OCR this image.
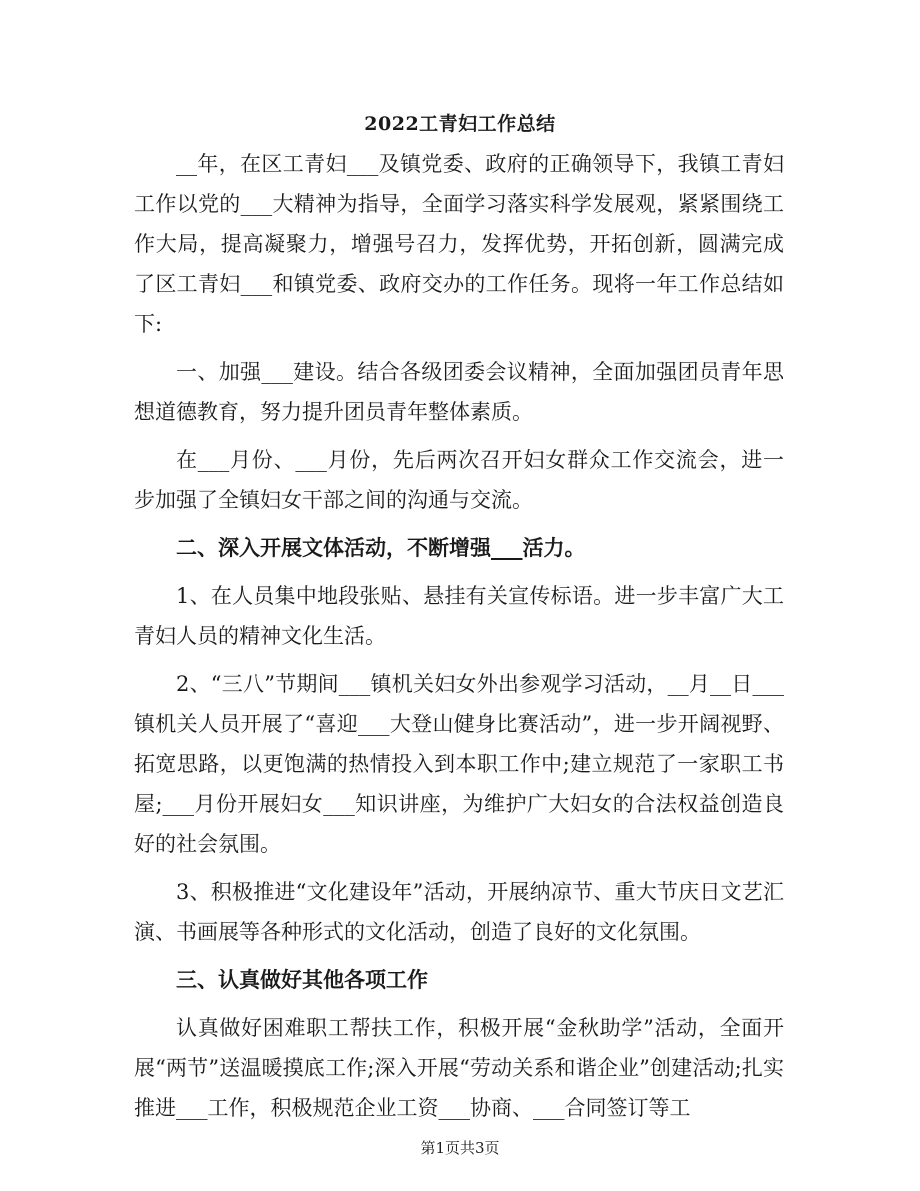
2022工青妇工作总结

__年，在区工青妇___及镇党委、政府的正确领导下，我镇工青妇工作以党的___大精神为指导，全面学习落实科学发展观，紧紧围绕工作大局，提高凝聚力，增强号召力，发挥优势，开拓创新，圆满完成了区工青妇___和镇党委、政府交办的工作任务。现将一年工作总结如下:

一、加强___建设。结合各级团委会议精神，全面加强团员青年思想道德教育，努力提升团员青年整体素质。

在___月份、___月份，先后两次召开妇女群众工作交流会，进一步加强了全镇妇女干部之间的沟通与交流。

二、深入开展文体活动，不断增强___活力。

1、在人员集中地段张贴、悬挂有关宣传标语。进一步丰富广大工青妇人员的精神文化生活。

2、“三八”节期间___镇机关妇女外出参观学习活动，__月__日___镇机关人员开展了“喜迎___大登山健身比赛活动”，进一步开阔视野、拓宽思路，以更饱满的热情投入到本职工作中;建立规范了一家职工书屋;___月份开展妇女___知识讲座，为维护广大妇女的合法权益创造良好的社会氛围。

3、积极推进“文化建设年”活动，开展纳凉节、重大节庆日文艺汇演、书画展等各种形式的文化活动，创造了良好的文化氛围。

三、认真做好其他各项工作

认真做好困难职工帮扶工作，积极开展“金秋助学”活动，全面开展“两节”送温暖摸底工作;深入开展“劳动关系和谐企业”创建活动;扎实推进___工作，积极规范企业工资___协商、___合同签订等工

第1页共3页
